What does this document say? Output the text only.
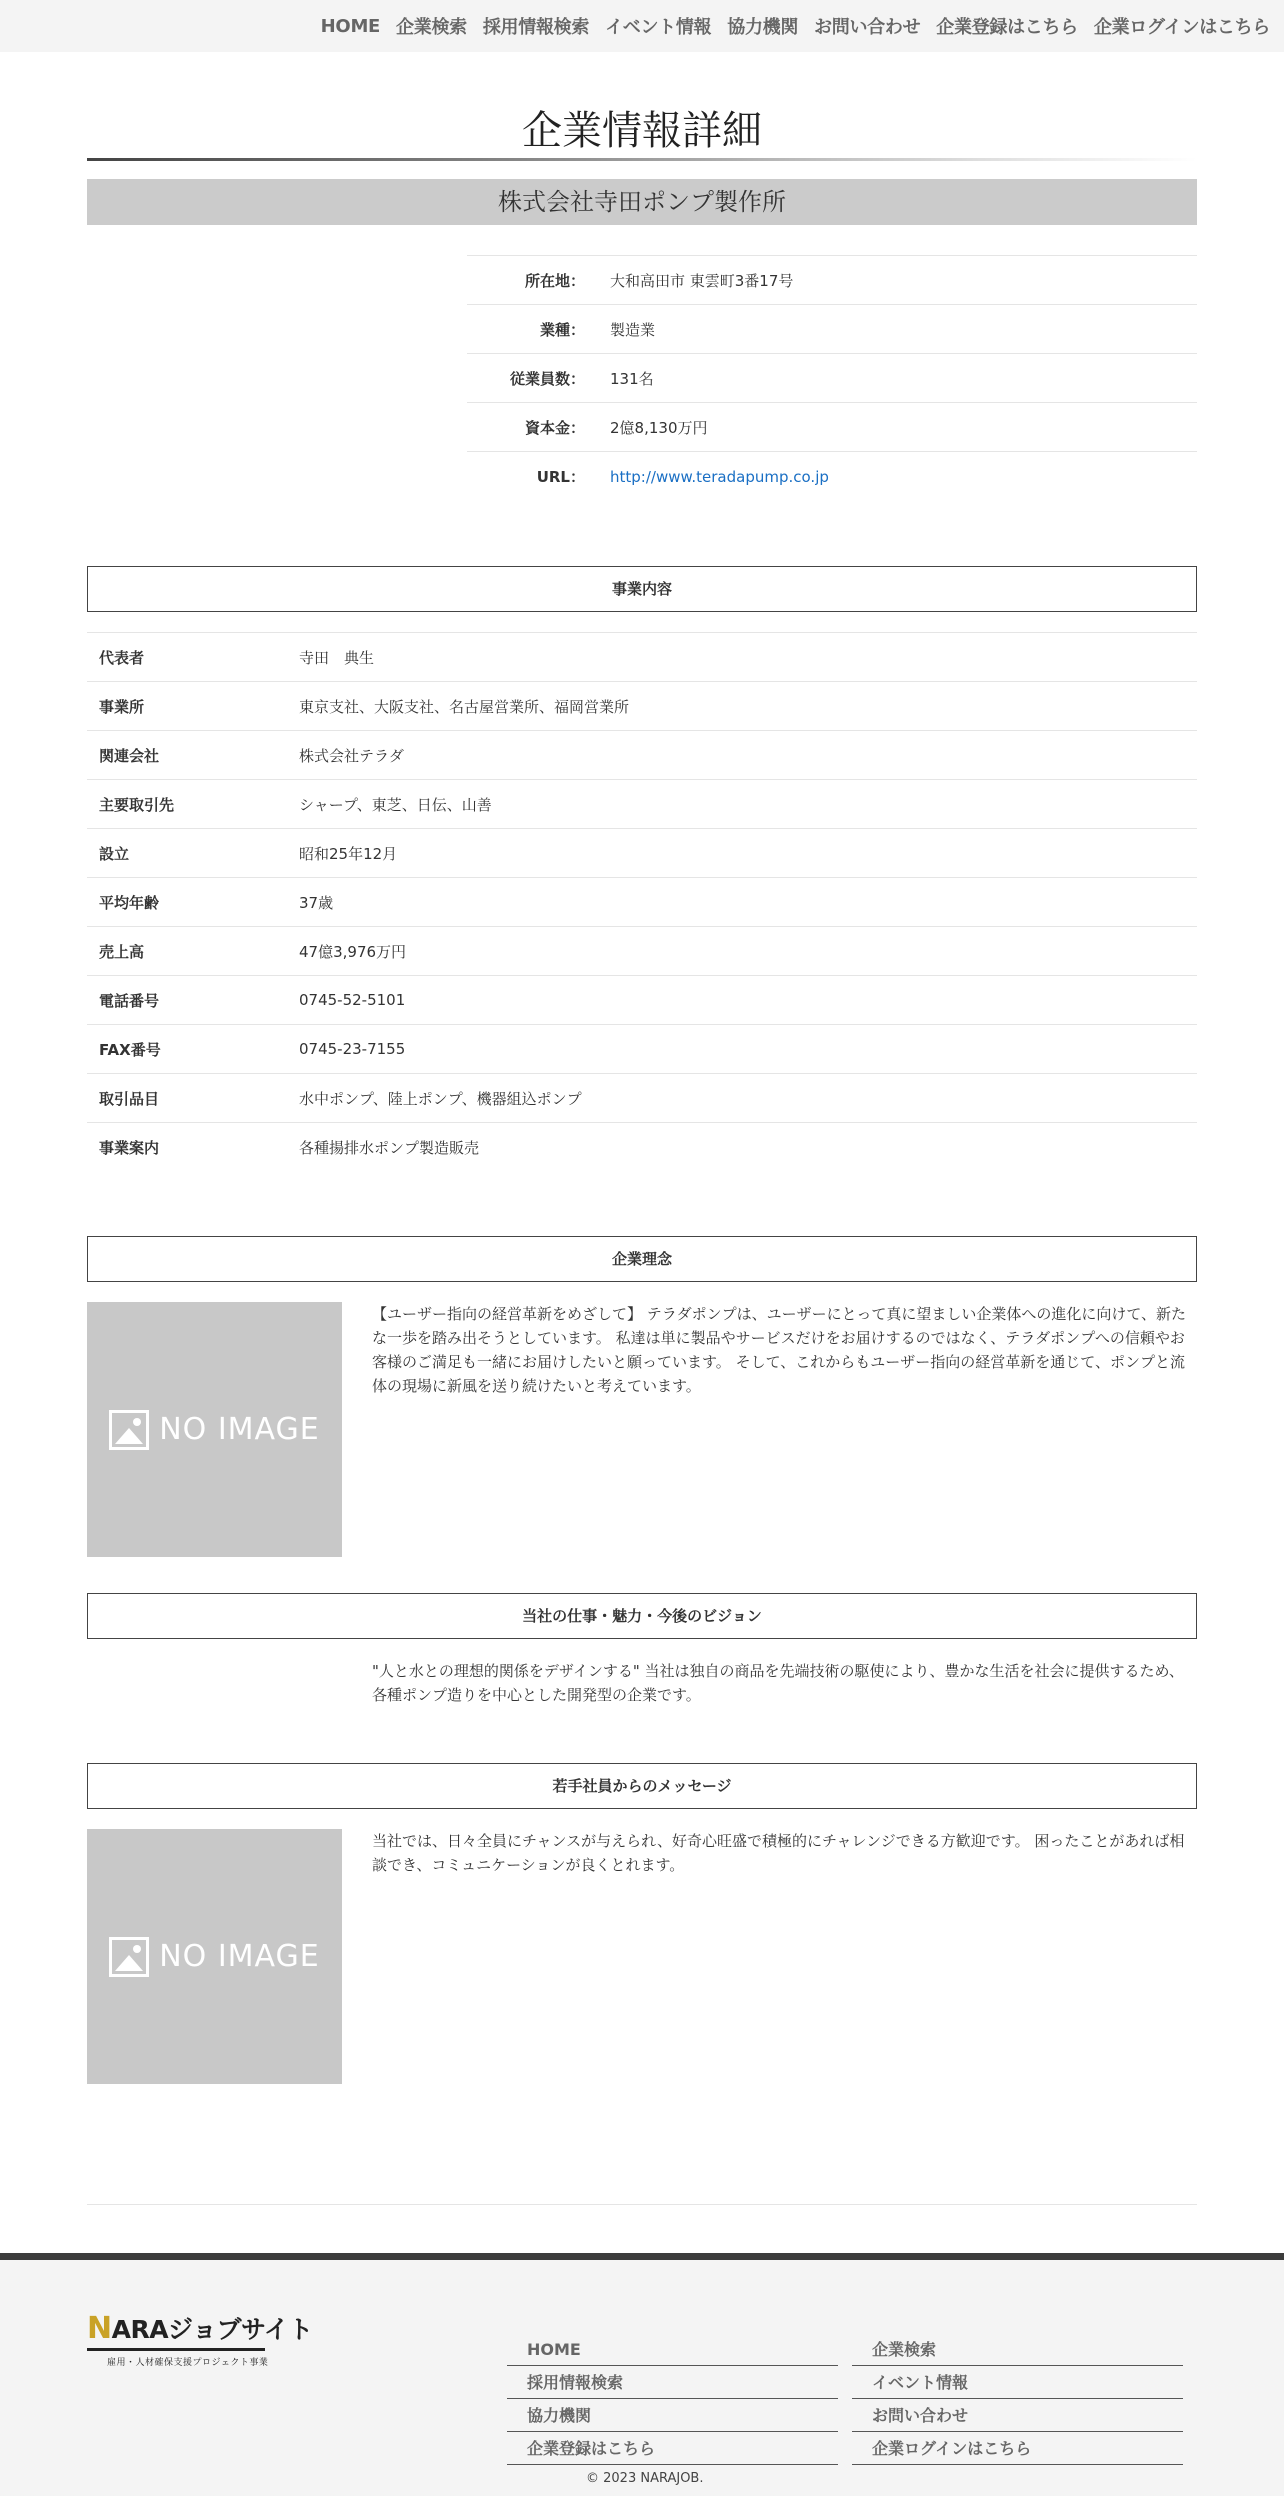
HOME 企業検索 採用情報検索 イベント情報 協力機関 お問い合わせ 企業登録はこちら 企業ログインはこちら
企業情報詳細
株式会社寺田ポンプ製作所
所在地：	大和高田市 東雲町3番17号
業種：	製造業
従業員数：	131名
資本金：	2億8,130万円
URL：	http://www.teradapump.co.jp
事業内容
代表者	寺田　典生
事業所	東京支社、大阪支社、名古屋営業所、福岡営業所
関連会社	株式会社テラダ
主要取引先	シャープ、東芝、日伝、山善
設立	昭和25年12月
平均年齢	37歳
売上高	47億3,976万円
電話番号	0745-52-5101
FAX番号	0745-23-7155
取引品目	水中ポンプ、陸上ポンプ、機器組込ポンプ
事業案内	各種揚排水ポンプ製造販売
企業理念
NO IMAGE

【ユーザー指向の経営革新をめざして】 テラダポンプは、ユーザーにとって真に望ましい企業体への進化に向けて、新たな一歩を踏み出そうとしています。 私達は単に製品やサービスだけをお届けするのではなく、テラダポンプへの信頼やお客様のご満足も一緒にお届けしたいと願っています。 そして、これからもユーザー指向の経営革新を通じて、ポンプと流体の現場に新風を送り続けたいと考えています。

当社の仕事・魅力・今後のビジョン

"人と水との理想的関係をデザインする" 当社は独自の商品を先端技術の駆使により、豊かな生活を社会に提供するため、各種ポンプ造りを中心とした開発型の企業です。

若手社員からのメッセージ
NO IMAGE

当社では、日々全員にチャンスが与えられ、好奇心旺盛で積極的にチャレンジできる方歓迎です。 困ったことがあれば相談でき、コミュニケーションが良くとれます。

NARAジョブサイト
雇用・人材確保支援プロジェクト事業
HOME	企業検索
採用情報検索	イベント情報
協力機関	お問い合わせ
企業登録はこちら	企業ログインはこちら
© 2023 NARAJOB.
